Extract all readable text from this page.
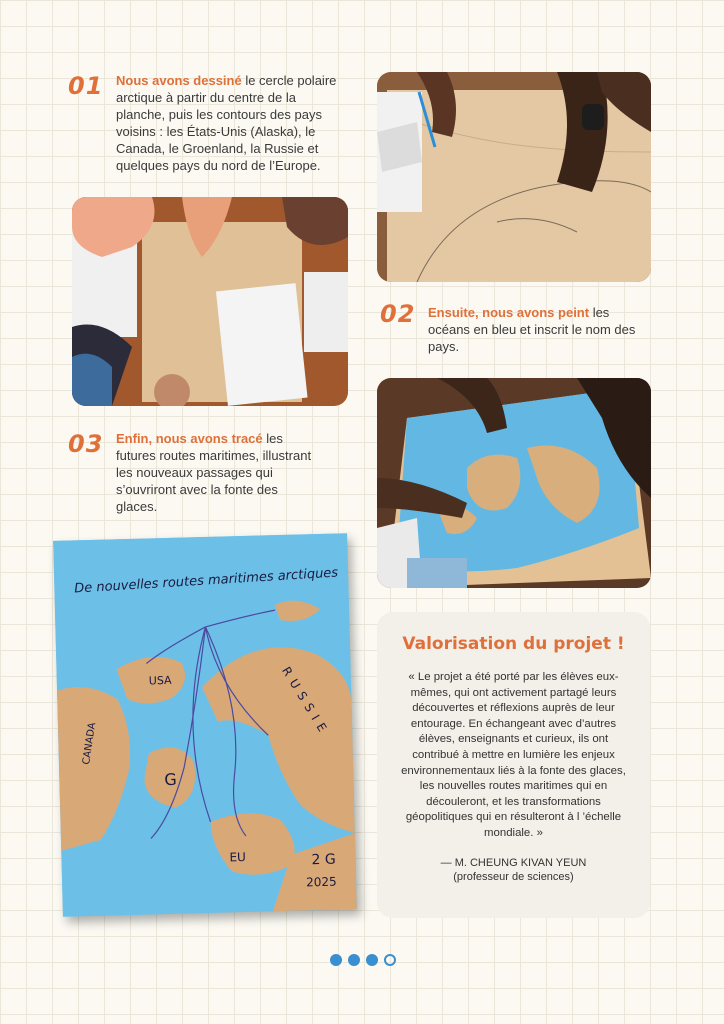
01 Nous avons dessiné le cercle polaire arctique à partir du centre de la planche, puis les contours des pays voisins : les États-Unis (Alaska), le Canada, le Groenland, la Russie et quelques pays du nord de l’Europe.
02 Ensuite, nous avons peint les océans en bleu et inscrit le nom des pays.
03 Enfin, nous avons tracé les futures routes maritimes, illustrant les nouveaux passages qui s’ouvriront avec la fonte des glaces.
De nouvelles routes maritimes arctiques
USA
CANADA
RUSSIE
G
EU	2 G
2025
Valorisation du projet !
« Le projet a été porté par les élèves eux-mêmes, qui ont activement partagé leurs découvertes et réflexions auprès de leur entourage. En échangeant avec d’autres élèves, enseignants et curieux, ils ont contribué à mettre en lumière les enjeux environnementaux liés à la fonte des glaces, les nouvelles routes maritimes qui en découleront, et les transformations géopolitiques qui en résulteront à l ’échelle mondiale. »
— M. CHEUNG KIVAN YEUN
(professeur de sciences)
